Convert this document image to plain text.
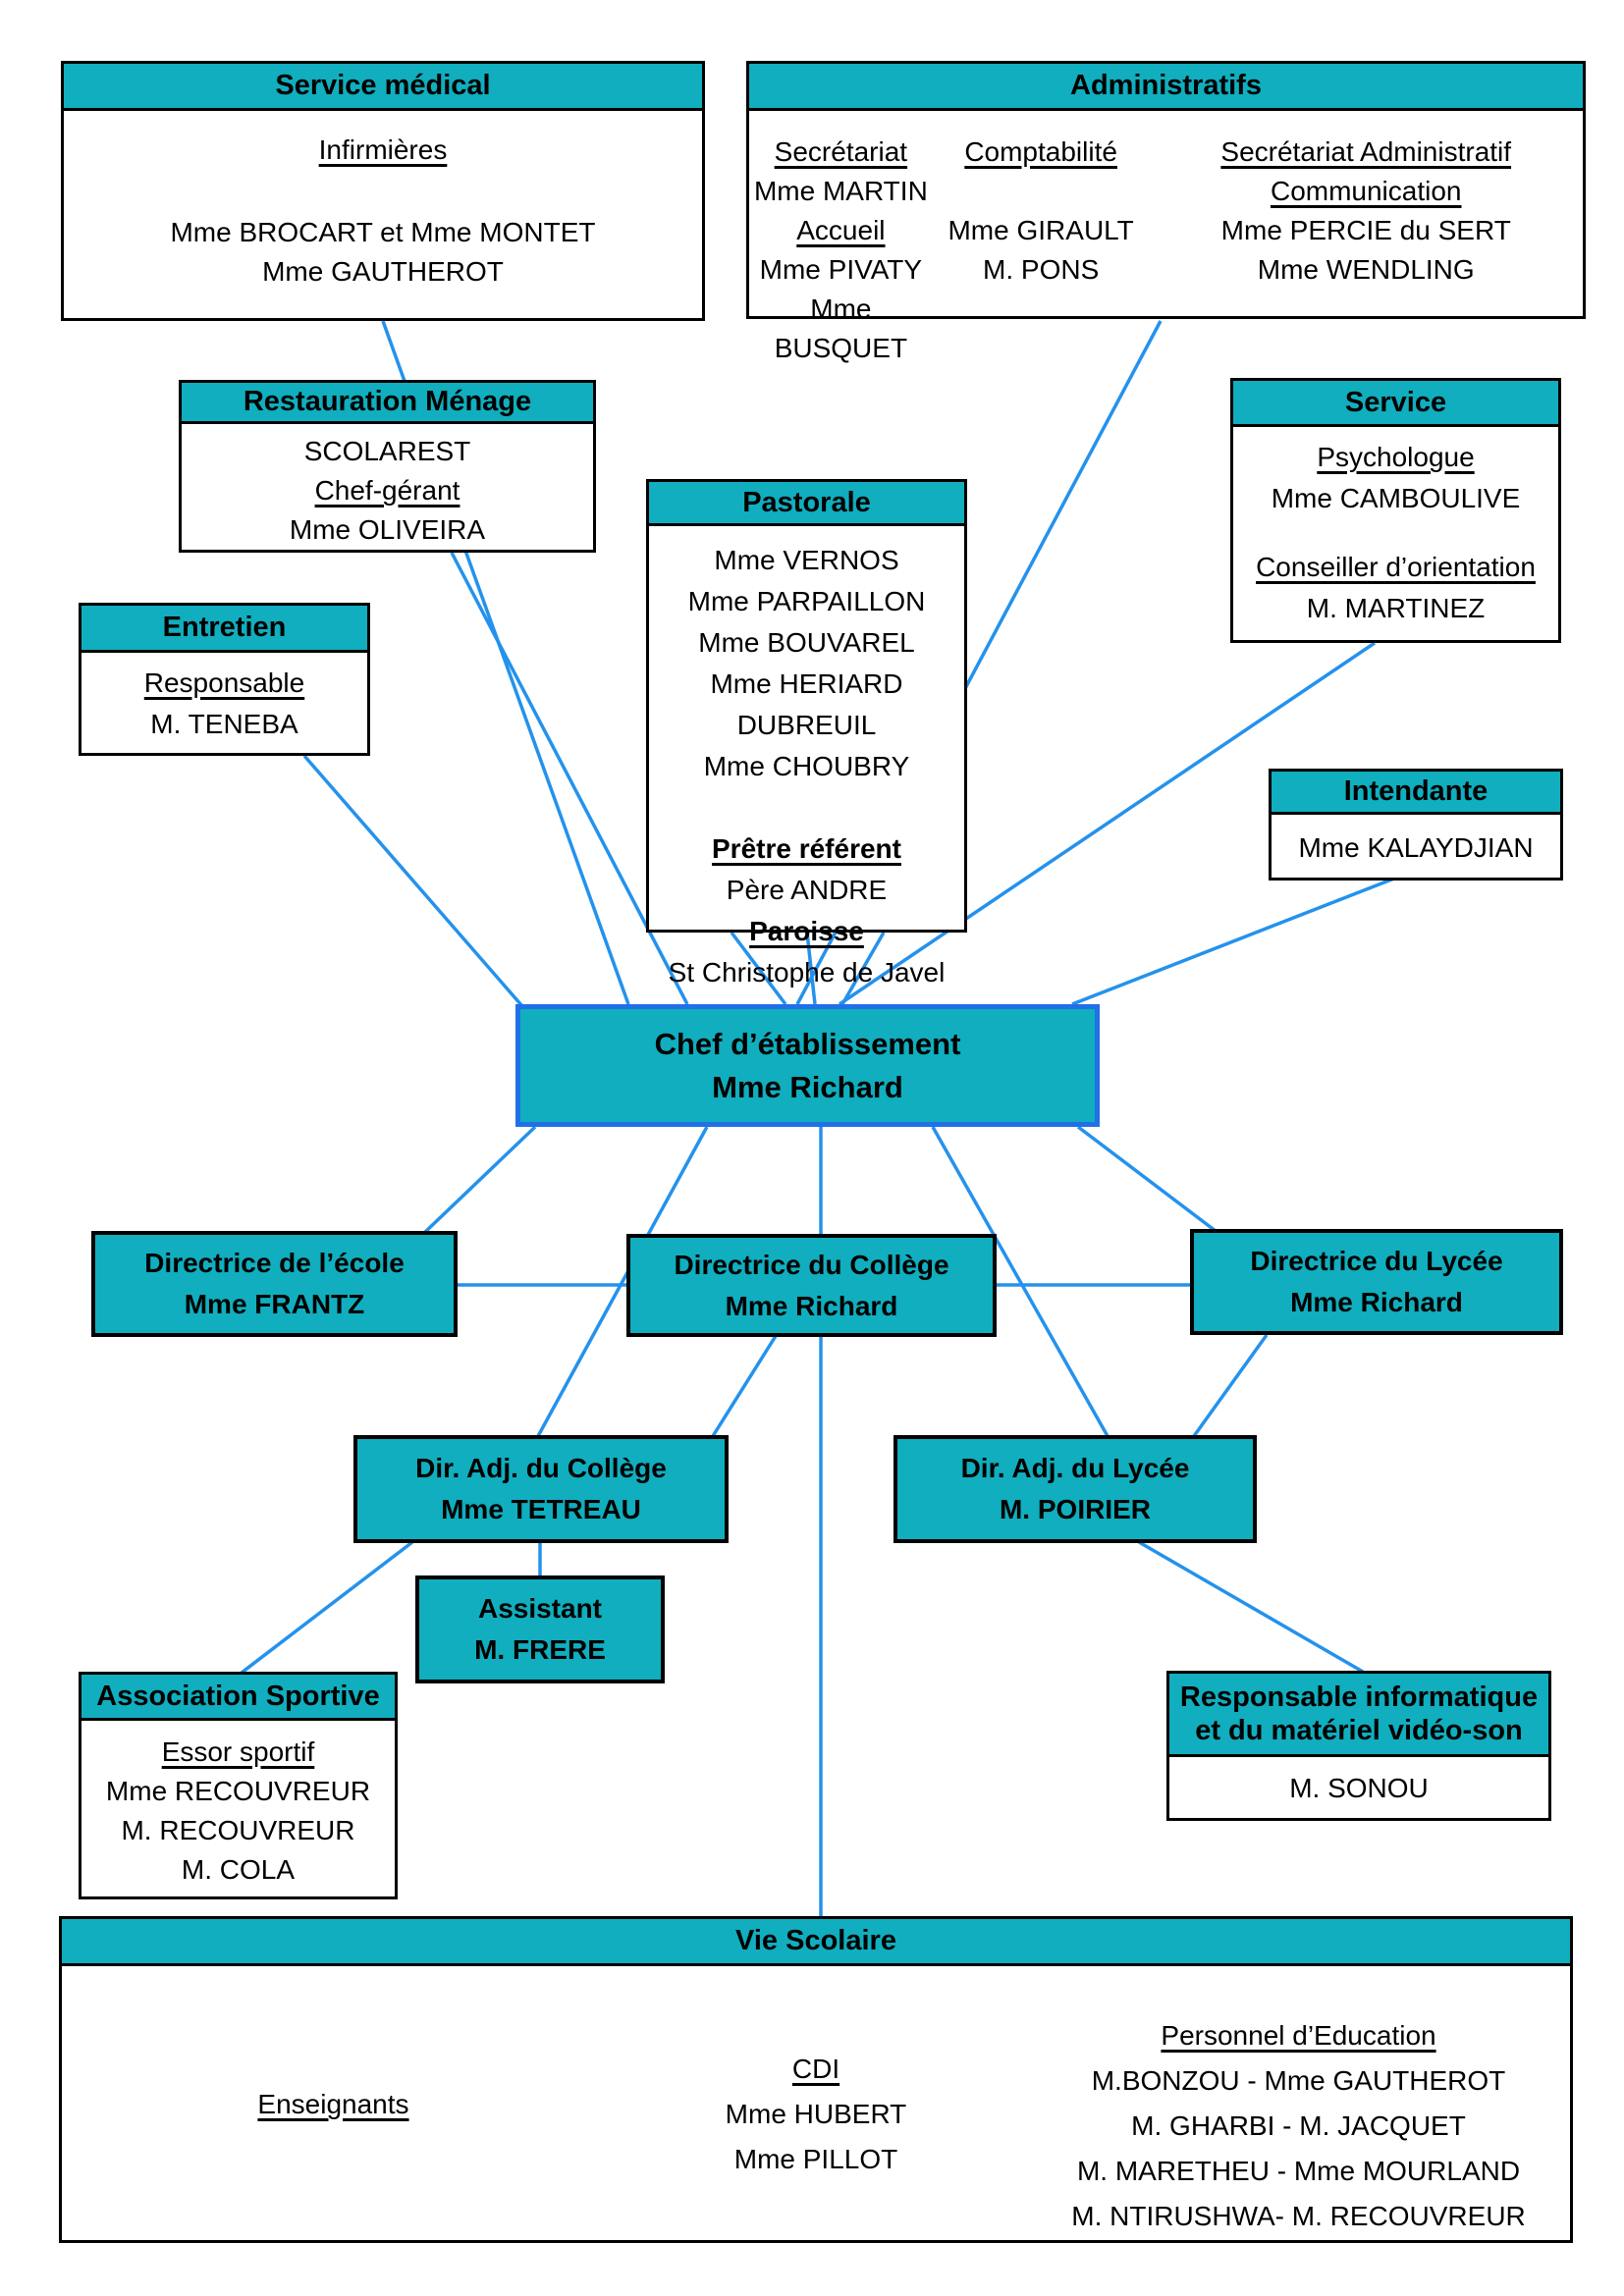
Service médical
Infirmières
Mme BROCART et Mme MONTET
Mme GAUTHEROT
Administratifs
Secrétariat
Mme MARTIN
Accueil
Mme PIVATY
Mme BUSQUET
Comptabilité
Mme GIRAULT
M. PONS
Secrétariat Administratif
Communication
Mme PERCIE du SERT
Mme WENDLING
Restauration Ménage
SCOLAREST
Chef-gérant
Mme OLIVEIRA
Pastorale
Mme VERNOS
Mme PARPAILLON
Mme BOUVAREL
Mme HERIARD DUBREUIL
Mme CHOUBRY
Prêtre référent
Père ANDRE
Paroisse
St Christophe de Javel
Service
Psychologue
Mme CAMBOULIVE
Conseiller d’orientation
M. MARTINEZ
Entretien
Responsable
M. TENEBA
Intendante
Mme KALAYDJIAN
Chef d’établissement
Mme Richard
Directrice de l’école
Mme FRANTZ
Directrice du Collège
Mme Richard
Directrice du Lycée
Mme Richard
Dir. Adj. du Collège
Mme TETREAU
Dir. Adj. du Lycée
M. POIRIER
Assistant
M. FRERE
Association Sportive
Essor sportif
Mme RECOUVREUR
M. RECOUVREUR
M. COLA
Responsable informatique
et du matériel vidéo-son
M. SONOU
Vie Scolaire
Enseignants
CDI
Mme HUBERT
Mme PILLOT
Personnel d’Education
M.BONZOU - Mme GAUTHEROT
M. GHARBI - M. JACQUET
M. MARETHEU - Mme MOURLAND
M. NTIRUSHWA- M. RECOUVREUR
